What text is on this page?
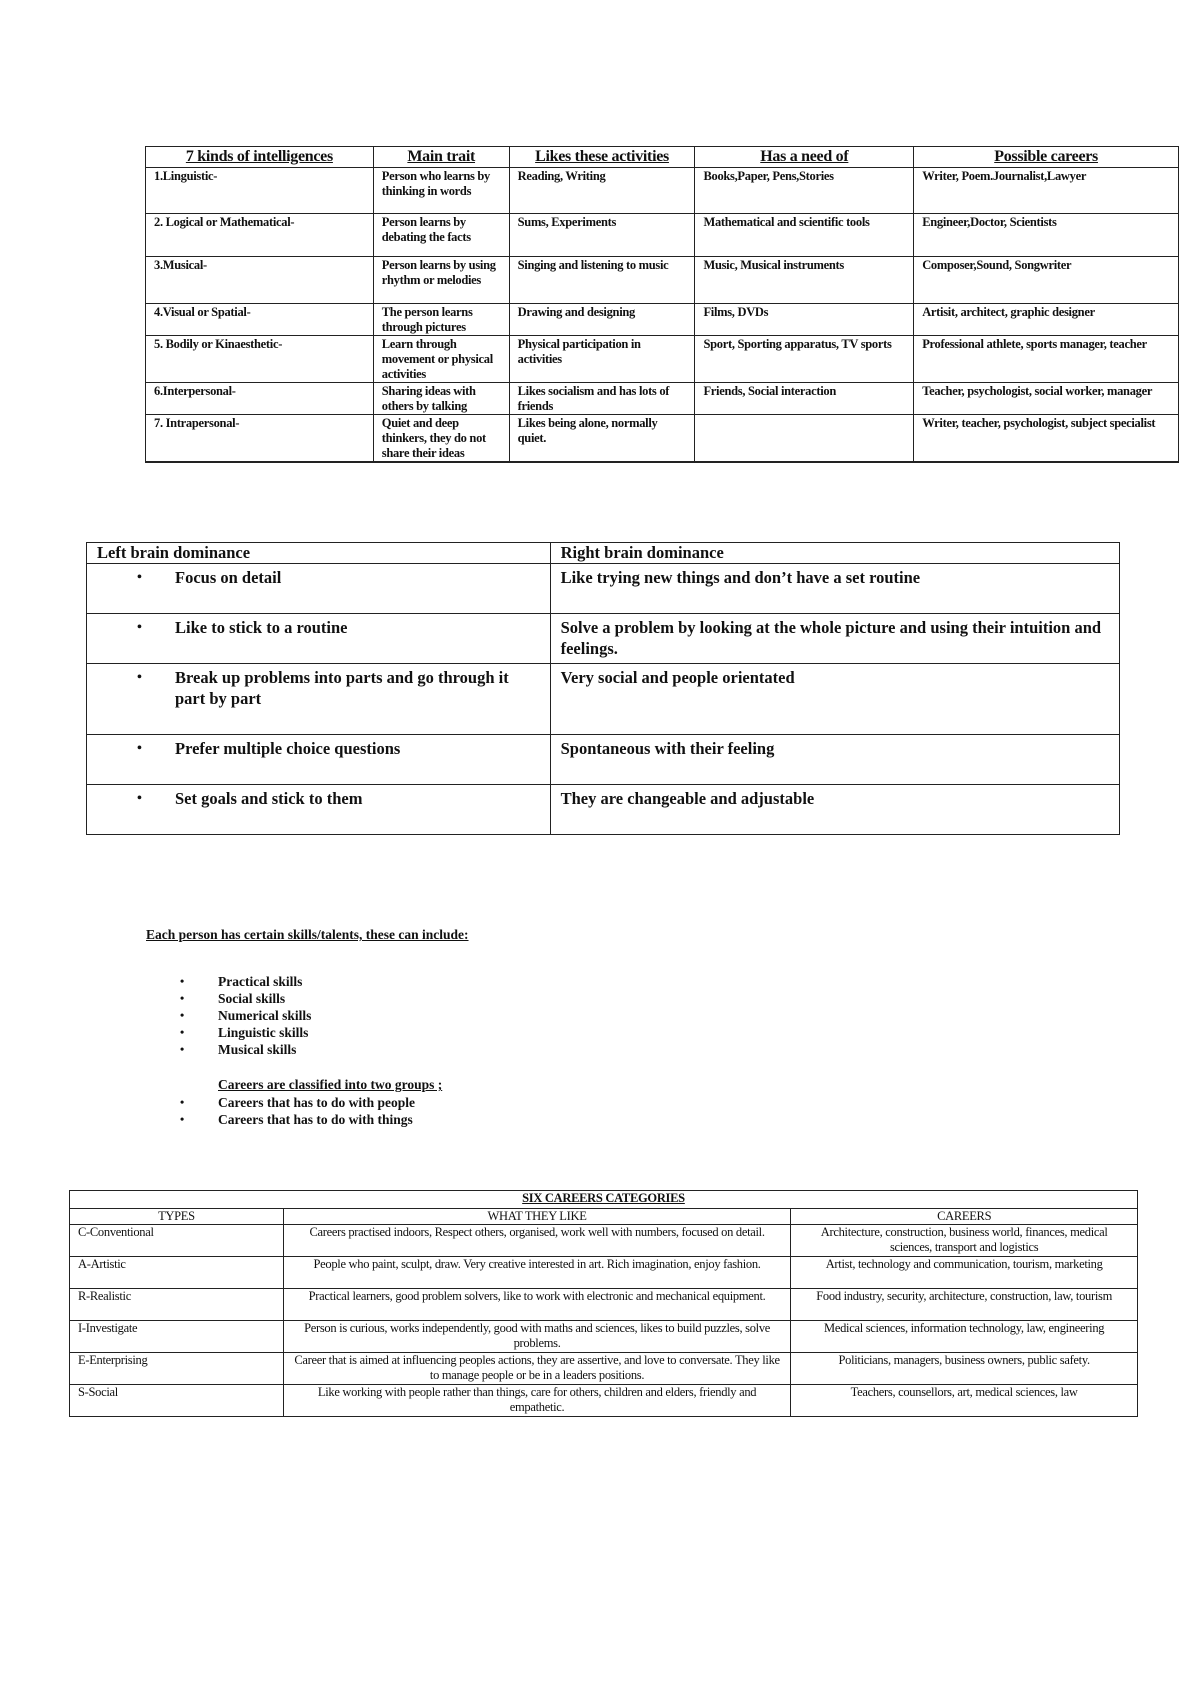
7 kinds of intelligences	Main trait	Likes these activities	Has a need of	Possible careers
1.Linguistic-	Person who learns by thinking in words	Reading, Writing	Books,Paper, Pens,Stories	Writer, Poem.Journalist,Lawyer
2. Logical or Mathematical-	Person learns by debating the facts	Sums, Experiments	Mathematical and scientific tools	Engineer,Doctor, Scientists
3.Musical-	Person learns by using rhythm or melodies	Singing and listening to music	Music, Musical instruments	Composer,Sound, Songwriter
4.Visual or Spatial-	The person learns through pictures	Drawing and designing	Films, DVDs	Artisit, architect, graphic designer
5. Bodily or Kinaesthetic-	Learn through movement or physical activities	Physical participation in activities	Sport, Sporting apparatus, TV sports	Professional athlete, sports manager, teacher
6.Interpersonal-	Sharing ideas with others by talking	Likes socialism and has lots of friends	Friends, Social interaction	Teacher, psychologist, social worker, manager
7. Intrapersonal-	Quiet and deep thinkers, they do not share their ideas	Likes being alone, normally quiet.		Writer, teacher, psychologist, subject specialist
Left brain dominance	Right brain dominance

• Focus on detail	Like trying new things and don’t have a set routine

• Like to stick to a routine	Solve a problem by looking at the whole picture and using their intuition and feelings.

• Break up problems into parts and go through it part by part	Very social and people orientated

• Prefer multiple choice questions	Spontaneous with their feeling

• Set goals and stick to them	They are changeable and adjustable

Each person has certain skills/talents, these can include:

•	Practical skills
•	Social skills
•	Numerical skills
•	Linguistic skills
•	Musical skills

Careers are classified into two groups ;

•	Careers that has to do with people
•	Careers that has to do with things
SIX CAREERS CATEGORIES		
TYPES	WHAT THEY LIKE	CAREERS
C-Conventional	Careers practised indoors, Respect others, organised, work well with numbers, focused on detail.	Architecture, construction, business world, finances, medical sciences, transport and logistics
A-Artistic	People who paint, sculpt, draw. Very creative interested in art. Rich imagination, enjoy fashion.	Artist, technology and communication, tourism, marketing
R-Realistic	Practical learners, good problem solvers, like to work with electronic and mechanical equipment.	Food industry, security, architecture, construction, law, tourism
I-Investigate	Person is curious, works independently, good with maths and sciences, likes to build puzzles, solve problems.	Medical sciences, information technology, law, engineering
E-Enterprising	Career that is aimed at influencing peoples actions, they are assertive, and love to conversate. They like to manage people or be in a leaders positions.	Politicians, managers, business owners, public safety.
S-Social	Like working with people rather than things, care for others, children and elders, friendly and empathetic.	Teachers, counsellors, art, medical sciences, law
